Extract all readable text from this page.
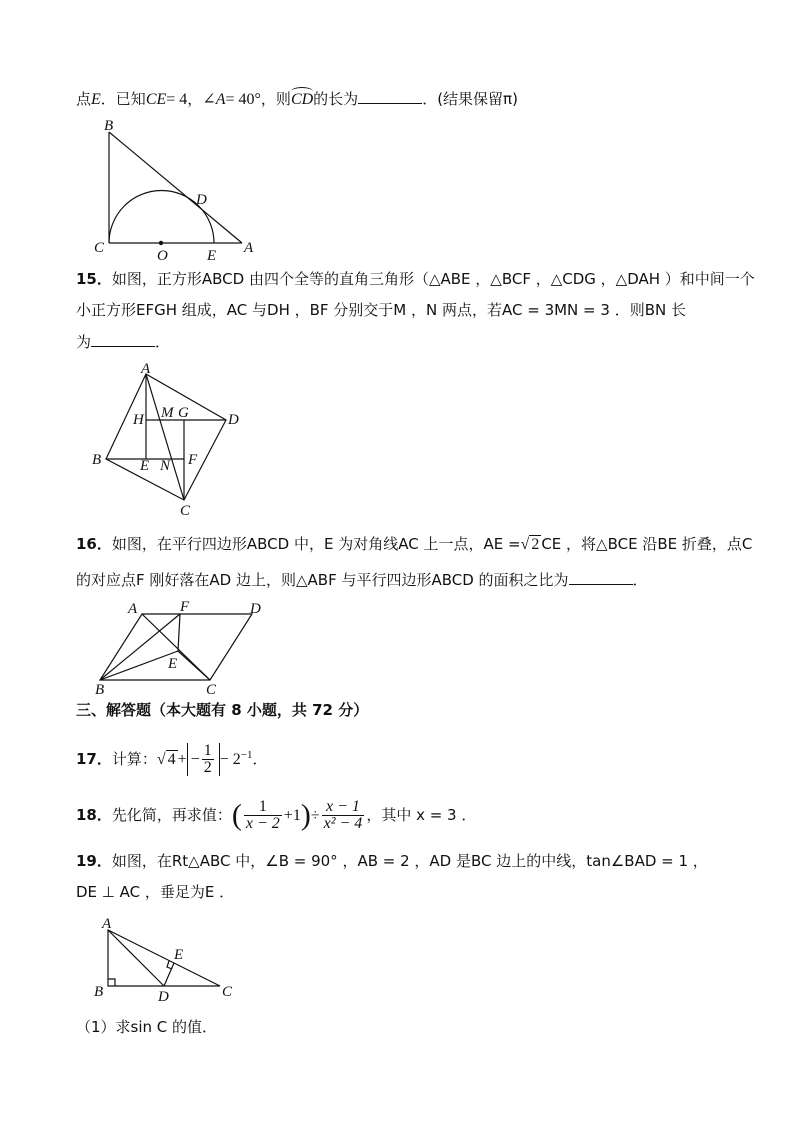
点E．已知CE= 4，∠A= 40°，则CD的长为	．(结果保留π)
B
D
C	O	E A
15．如图，正方形ABCD 由四个全等的直角三角形（△ABE ，△BCF ，△CDG ，△DAH ）和中间一个
小正方形EFGH 组成，AC 与DH ，BF 分别交于M ，N 两点，若AC = 3MN = 3 ．则BN 长
为	．
A
H M G	D
B	E N F
C
16．如图，在平行四边形ABCD 中，E 为对角线AC 上一点，AE =√ 2 CE ，将△BCE 沿BE 折叠，点C
的对应点F 刚好落在AD 边上，则△ABF 与平行四边形ABCD 的面积之比为	．
A	F	D
E
B	C
三、解答题（本大题有 8 小题，共 72 分）
17．计算：√ 4 + − $\frac{1}{2} - 2^{-1}$．
18．先化简，再求值：( $\frac{1}{x - 2} +1)\div \frac{x - 1}{\text{x² − 4}}$ ，其中 x = 3 ．
19．如图，在Rt△ABC 中，∠B = 90° ，AB = 2 ，AD 是BC 边上的中线，tan∠BAD = 1 ，
DE ⊥ AC ，垂足为E ．
A
E
B	D	C
（1）求sin C 的值．
